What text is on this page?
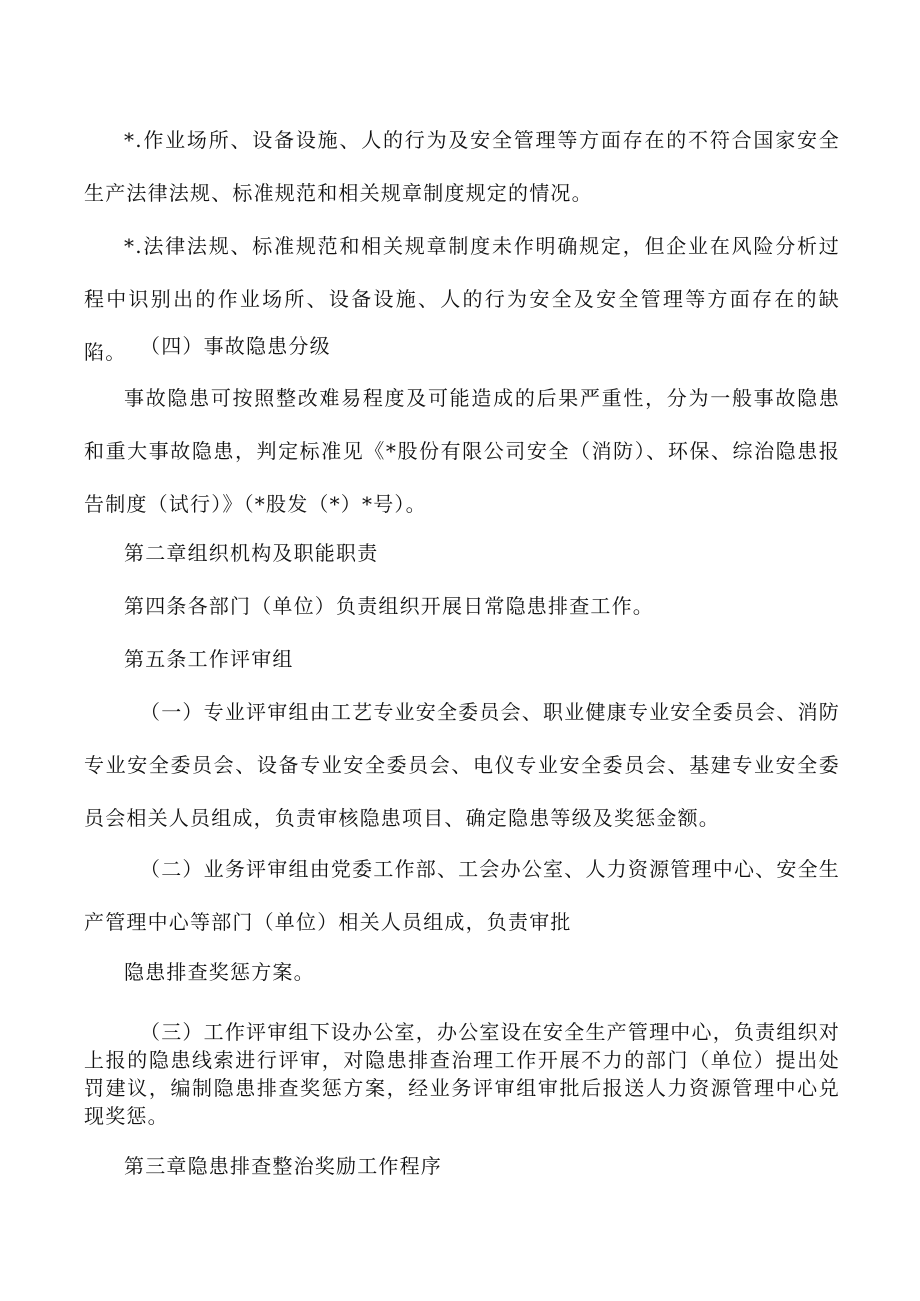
*.作业场所、设备设施、人的行为及安全管理等方面存在的不符合国家安全生产法律法规、标准规范和相关规章制度规定的情况。

*.法律法规、标准规范和相关规章制度未作明确规定，但企业在风险分析过程中识别出的作业场所、设备设施、人的行为安全及安全管理等方面存在的缺陷。 （四）事故隐患分级

事故隐患可按照整改难易程度及可能造成的后果严重性，分为一般事故隐患和重大事故隐患，判定标准见《*股份有限公司安全（消防）、环保、综治隐患报告制度（试行）》（*股发（*）*号）。

第二章组织机构及职能职责

第四条各部门（单位）负责组织开展日常隐患排查工作。

第五条工作评审组

（一）专业评审组由工艺专业安全委员会、职业健康专业安全委员会、消防专业安全委员会、设备专业安全委员会、电仪专业安全委员会、基建专业安全委员会相关人员组成，负责审核隐患项目、确定隐患等级及奖惩金额。

（二）业务评审组由党委工作部、工会办公室、人力资源管理中心、安全生产管理中心等部门（单位）相关人员组成，负责审批

隐患排查奖惩方案。

（三）工作评审组下设办公室，办公室设在安全生产管理中心，负责组织对上报的隐患线索进行评审，对隐患排查治理工作开展不力的部门（单位）提出处罚建议，编制隐患排查奖惩方案，经业务评审组审批后报送人力资源管理中心兑现奖惩。

第三章隐患排查整治奖励工作程序
